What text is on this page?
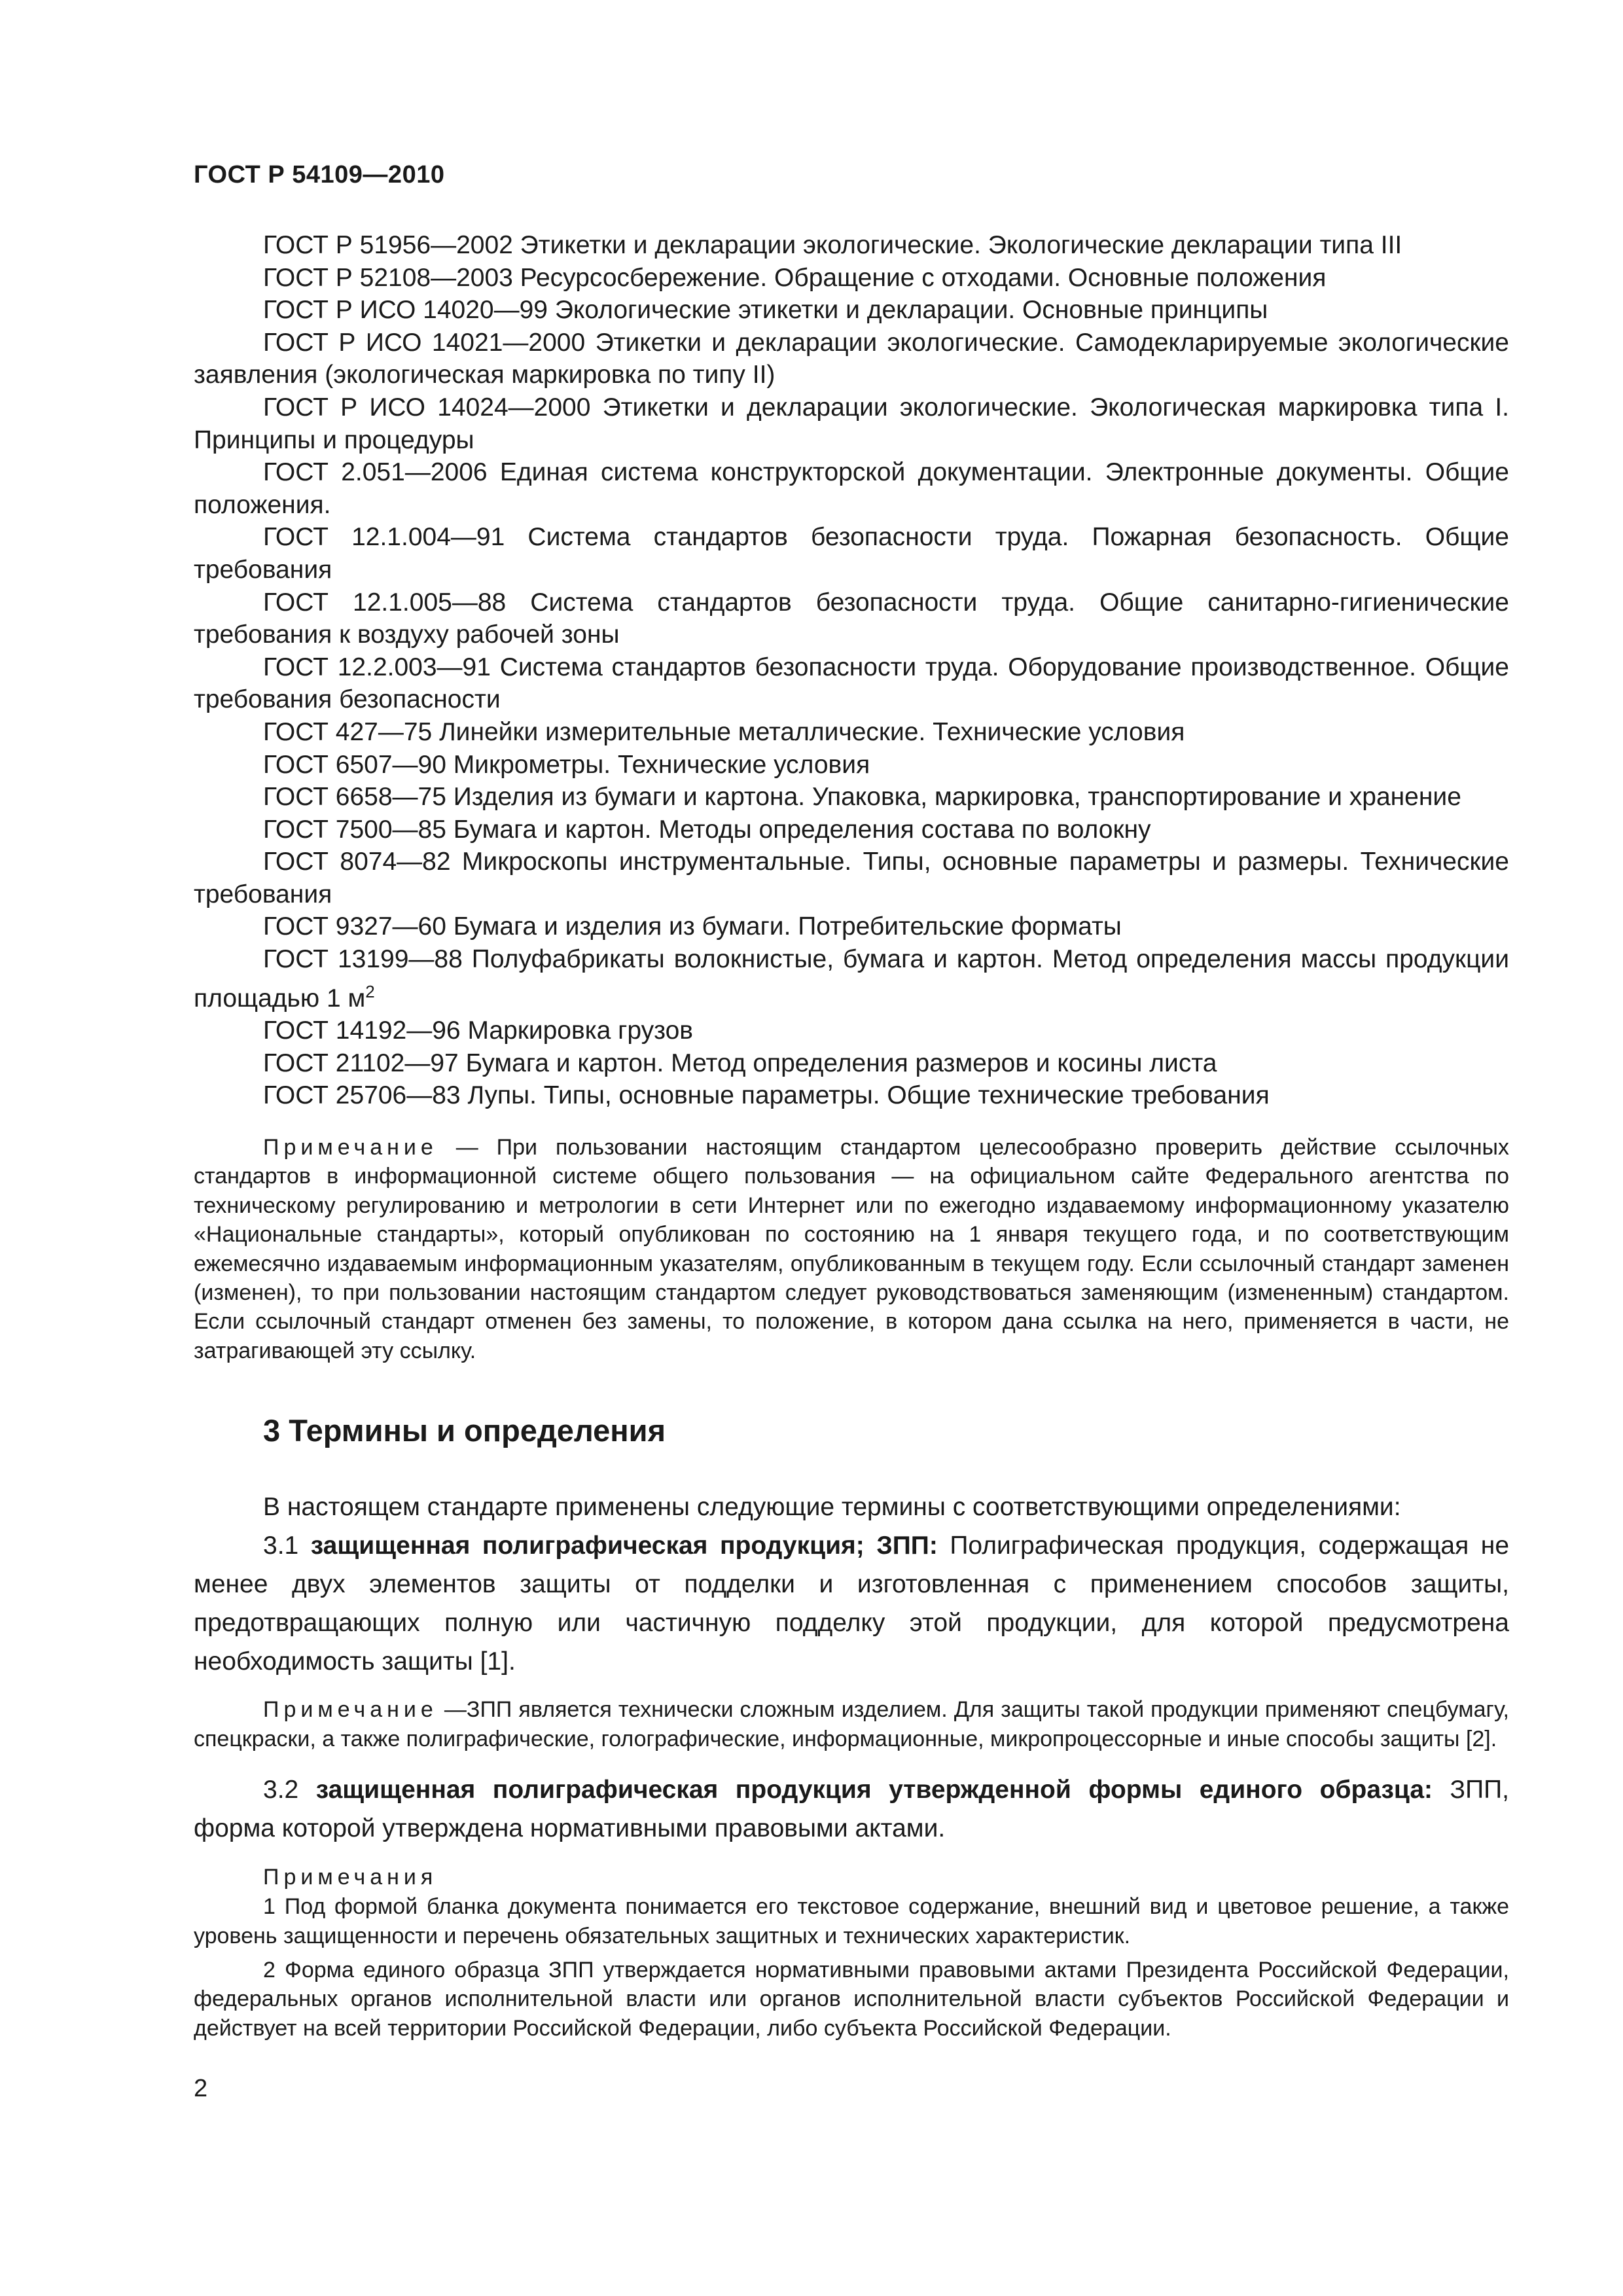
ГОСТ Р 54109—2010

ГОСТ Р 51956—2002 Этикетки и декларации экологические. Экологические декларации типа III

ГОСТ Р 52108—2003 Ресурсосбережение. Обращение с отходами. Основные положения

ГОСТ Р ИСО 14020—99 Экологические этикетки и декларации. Основные принципы

ГОСТ Р ИСО 14021—2000 Этикетки и декларации экологические. Самодекларируемые экологические заявления (экологическая маркировка по типу II)

ГОСТ Р ИСО 14024—2000 Этикетки и декларации экологические. Экологическая маркировка типа I. Принципы и процедуры

ГОСТ 2.051—2006 Единая система конструкторской документации. Электронные документы. Общие положения.

ГОСТ 12.1.004—91 Система стандартов безопасности труда. Пожарная безопасность. Общие требования

ГОСТ 12.1.005—88 Система стандартов безопасности труда. Общие санитарно-гигиенические требования к воздуху рабочей зоны

ГОСТ 12.2.003—91 Система стандартов безопасности труда. Оборудование производственное. Общие требования безопасности

ГОСТ 427—75 Линейки измерительные металлические. Технические условия

ГОСТ 6507—90 Микрометры. Технические условия

ГОСТ 6658—75 Изделия из бумаги и картона. Упаковка, маркировка, транспортирование и хранение

ГОСТ 7500—85 Бумага и картон. Методы определения состава по волокну

ГОСТ 8074—82 Микроскопы инструментальные. Типы, основные параметры и размеры. Технические требования

ГОСТ 9327—60 Бумага и изделия из бумаги. Потребительские форматы

ГОСТ 13199—88 Полуфабрикаты волокнистые, бумага и картон. Метод определения массы продукции площадью 1 $м^2$

ГОСТ 14192—96 Маркировка грузов

ГОСТ 21102—97 Бумага и картон. Метод определения размеров и косины листа

ГОСТ 25706—83 Лупы. Типы, основные параметры. Общие технические требования

Примечание — При пользовании настоящим стандартом целесообразно проверить действие ссылочных стандартов в информационной системе общего пользования — на официальном сайте Федерального агентства по техническому регулированию и метрологии в сети Интернет или по ежегодно издаваемому информационному указателю «Национальные стандарты», который опубликован по состоянию на 1 января текущего года, и по соответствующим ежемесячно издаваемым информационным указателям, опубликованным в текущем году. Если ссылочный стандарт заменен (изменен), то при пользовании настоящим стандартом следует руководствоваться заменяющим (измененным) стандартом. Если ссылочный стандарт отменен без замены, то положение, в котором дана ссылка на него, применяется в части, не затрагивающей эту ссылку.

3 Термины и определения

В настоящем стандарте применены следующие термины с соответствующими определениями:

3.1 защищенная полиграфическая продукция; ЗПП: Полиграфическая продукция, содержащая не менее двух элементов защиты от подделки и изготовленная с применением способов защиты, предотвращающих полную или частичную подделку этой продукции, для которой предусмотрена необходимость защиты [1].

Примечание —ЗПП является технически сложным изделием. Для защиты такой продукции применяют спецбумагу, спецкраски, а также полиграфические, голографические, информационные, микропроцессорные и иные способы защиты [2].

3.2 защищенная полиграфическая продукция утвержденной формы единого образца: ЗПП, форма которой утверждена нормативными правовыми актами.

Примечания

1 Под формой бланка документа понимается его текстовое содержание, внешний вид и цветовое решение, а также уровень защищенности и перечень обязательных защитных и технических характеристик.

2 Форма единого образца ЗПП утверждается нормативными правовыми актами Президента Российской Федерации, федеральных органов исполнительной власти или органов исполнительной власти субъектов Российской Федерации и действует на всей территории Российской Федерации, либо субъекта Российской Федерации.

2
